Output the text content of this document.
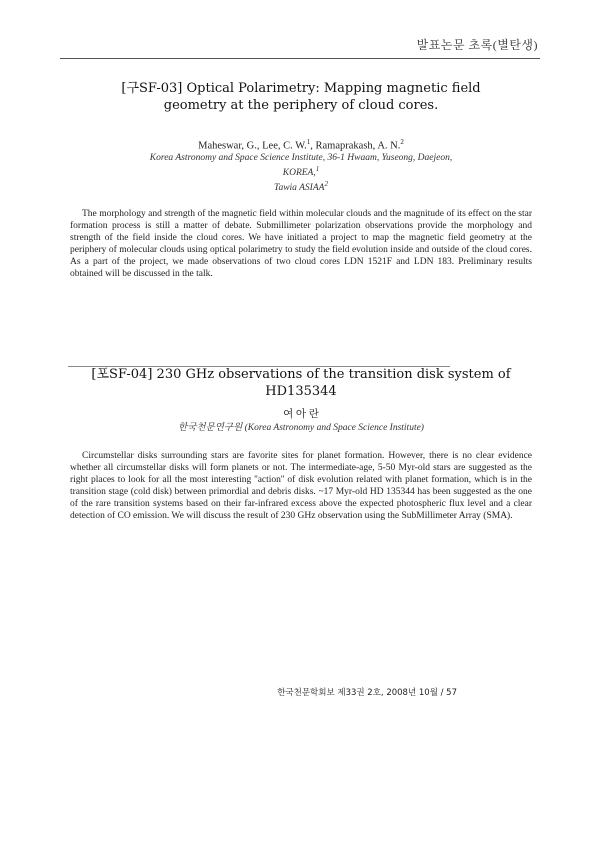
발표논문 초록(별탄생)
[구SF-03] Optical Polarimetry: Mapping magnetic field
geometry at the periphery of cloud cores.
Maheswar, G., Lee, C. W.$^1$, Ramaprakash, A. N.$^2$
Korea Astronomy and Space Science Institute, 36-1 Hwaam, Yuseong, Daejeon,
KOREA,$^1$
Tawia ASIAA$^2$

The morphology and strength of the magnetic field within molecular clouds and the magnitude of its effect on the star formation process is still a matter of debate. Submillimeter polarization observations provide the morphology and strength of the field inside the cloud cores. We have initiated a project to map the magnetic field geometry at the periphery of molecular clouds using optical polarimetry to study the field evolution inside and outside of the cloud cores. As a part of the project, we made observations of two cloud cores LDN 1521F and LDN 183. Preliminary results obtained will be discussed in the talk.

[포SF-04] 230 GHz observations of the transition disk system of
HD135344
여 아 란
한국천문연구원 (Korea Astronomy and Space Science Institute)

Circumstellar disks surrounding stars are favorite sites for planet formation. However, there is no clear evidence whether all circumstellar disks will form planets or not. The intermediate-age, 5-50 Myr-old stars are suggested as the right places to look for all the most interesting ''action'' of disk evolution related with planet formation, which is in the transition stage (cold disk) between primordial and debris disks. ~17 Myr-old HD 135344 has been suggested as the one of the rare transition systems based on their far-infrared excess above the expected photospheric flux level and a clear detection of CO emission. We will discuss the result of 230 GHz observation using the SubMillimeter Array (SMA).

한국천문학회보 제33권 2호, 2008년 10월 / 57
